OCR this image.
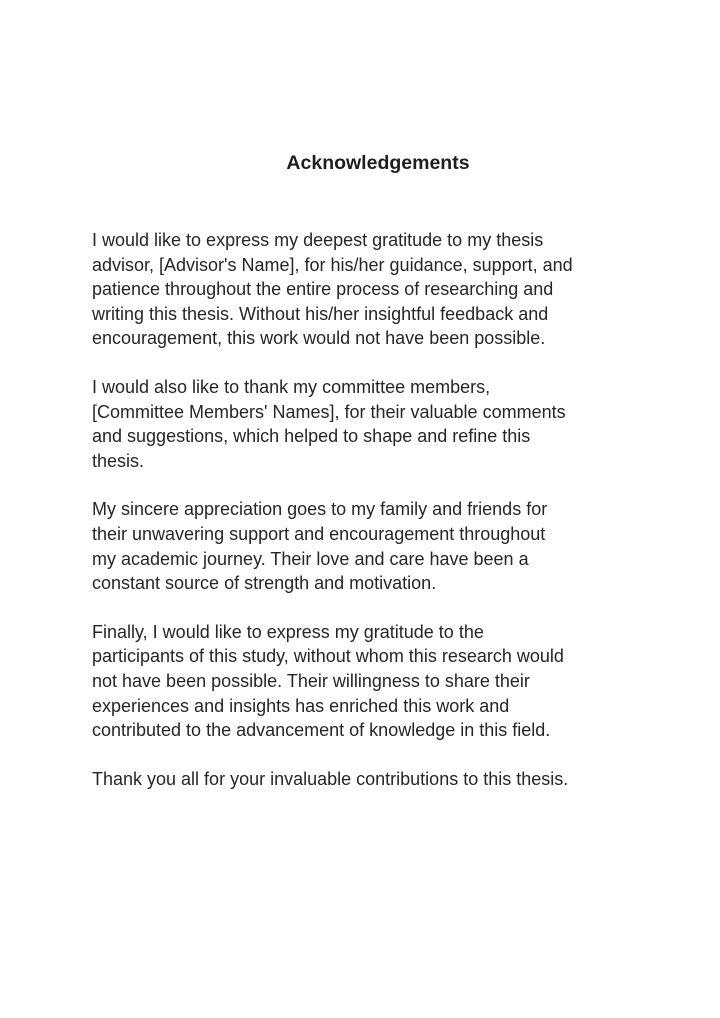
Acknowledgements

I would like to express my deepest gratitude to my thesis
advisor, [Advisor's Name], for his/her guidance, support, and
patience throughout the entire process of researching and
writing this thesis. Without his/her insightful feedback and
encouragement, this work would not have been possible.

I would also like to thank my committee members,
[Committee Members' Names], for their valuable comments
and suggestions, which helped to shape and refine this
thesis.

My sincere appreciation goes to my family and friends for
their unwavering support and encouragement throughout
my academic journey. Their love and care have been a
constant source of strength and motivation.

Finally, I would like to express my gratitude to the
participants of this study, without whom this research would
not have been possible. Their willingness to share their
experiences and insights has enriched this work and
contributed to the advancement of knowledge in this field.

Thank you all for your invaluable contributions to this thesis.
